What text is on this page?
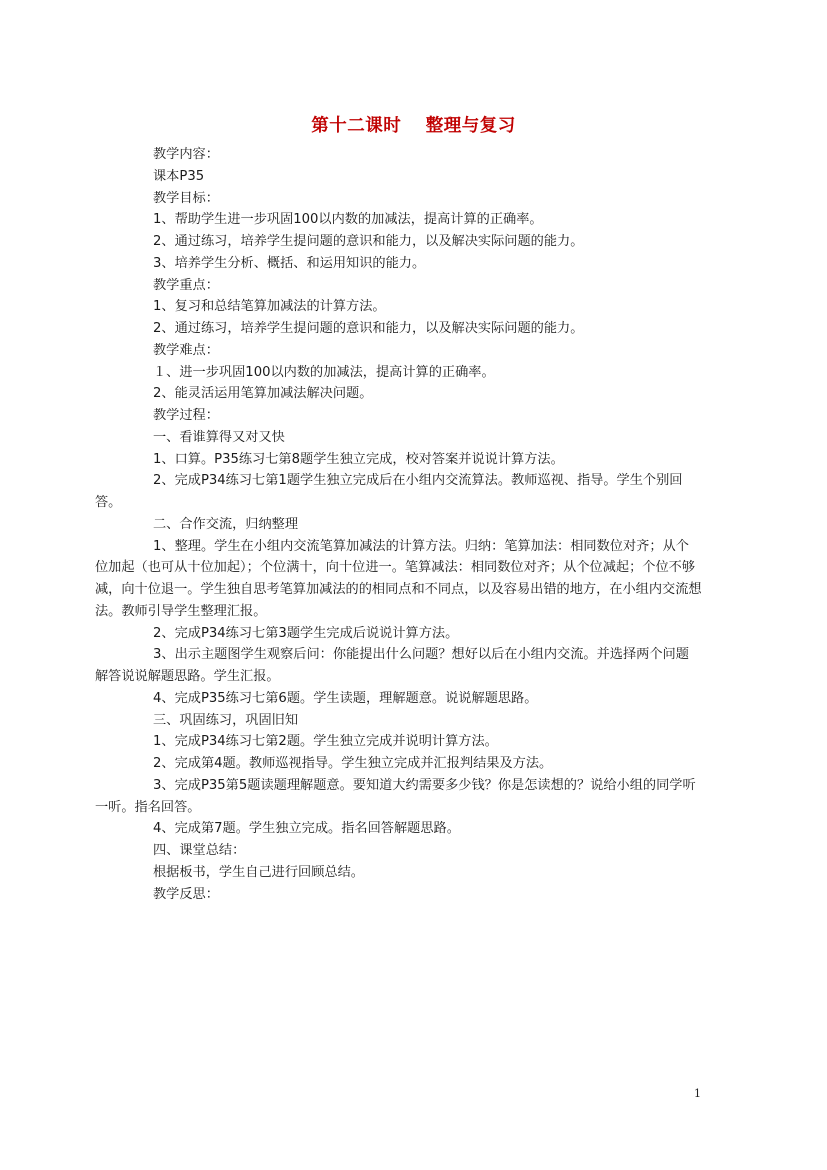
第十二课时　 整理与复习

教学内容：

课本P35

教学目标：

1、帮助学生进一步巩固100以内数的加减法，提高计算的正确率。

2、通过练习，培养学生提问题的意识和能力，以及解决实际问题的能力。

3、培养学生分析、概括、和运用知识的能力。

教学重点：

1、复习和总结笔算加减法的计算方法。

2、通过练习，培养学生提问题的意识和能力，以及解决实际问题的能力。

教学难点：

１、进一步巩固100以内数的加减法，提高计算的正确率。

2、能灵活运用笔算加减法解决问题。

教学过程：

一、看谁算得又对又快

1、口算。P35练习七第8题学生独立完成，校对答案并说说计算方法。

2、完成P34练习七第1题学生独立完成后在小组内交流算法。教师巡视、指导。学生个别回答。

二、合作交流，归纳整理

1、整理。学生在小组内交流笔算加减法的计算方法。归纳：笔算加法：相同数位对齐；从个位加起（也可从十位加起）；个位满十，向十位进一。笔算减法：相同数位对齐；从个位减起；个位不够减，向十位退一。学生独自思考笔算加减法的的相同点和不同点，以及容易出错的地方，在小组内交流想法。教师引导学生整理汇报。

2、完成P34练习七第3题学生完成后说说计算方法。

3、出示主题图学生观察后问：你能提出什么问题？想好以后在小组内交流。并选择两个问题解答说说解题思路。学生汇报。

4、完成P35练习七第6题。学生读题，理解题意。说说解题思路。

三、巩固练习，巩固旧知

1、完成P34练习七第2题。学生独立完成并说明计算方法。

2、完成第4题。教师巡视指导。学生独立完成并汇报判结果及方法。

3、完成P35第5题读题理解题意。要知道大约需要多少钱？你是怎读想的？说给小组的同学听一听。指名回答。

4、完成第7题。学生独立完成。指名回答解题思路。

四、课堂总结：

根据板书，学生自己进行回顾总结。

教学反思：

1
